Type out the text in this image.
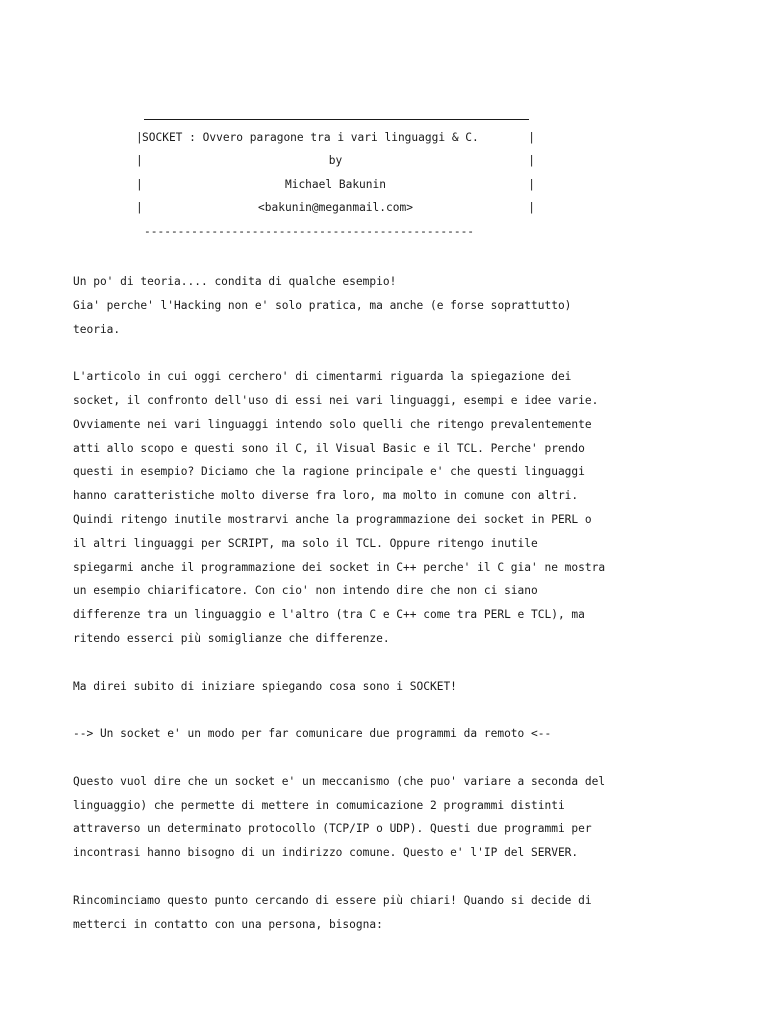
| SOCKET : Ovvero paragone tra i vari linguaggi & C.	|
|	by	|
|	Michael Bakunin	|
|	<bakunin@meganmail.com>	|
-------------------------------------------------
Un po' di teoria.... condita di qualche esempio!
Gia' perche' l'Hacking non e' solo pratica, ma anche (e forse soprattutto)
teoria.
L'articolo in cui oggi cerchero' di cimentarmi riguarda la spiegazione dei
socket, il confronto dell'uso di essi nei vari linguaggi, esempi e idee varie.
Ovviamente nei vari linguaggi intendo solo quelli che ritengo prevalentemente
atti allo scopo e questi sono il C, il Visual Basic e il TCL. Perche' prendo
questi in esempio? Diciamo che la ragione principale e' che questi linguaggi
hanno caratteristiche molto diverse fra loro, ma molto in comune con altri.
Quindi ritengo inutile mostrarvi anche la programmazione dei socket in PERL o
il altri linguaggi per SCRIPT, ma solo il TCL. Oppure ritengo inutile
spiegarmi anche il programmazione dei socket in C++ perche' il C gia' ne mostra
un esempio chiarificatore. Con cio' non intendo dire che non ci siano
differenze tra un linguaggio e l'altro (tra C e C++ come tra PERL e TCL), ma
ritendo esserci più somiglianze che differenze.
Ma direi subito di iniziare spiegando cosa sono i SOCKET!
--> Un socket e' un modo per far comunicare due programmi da remoto <--
Questo vuol dire che un socket e' un meccanismo (che puo' variare a seconda del
linguaggio) che permette di mettere in comumicazione 2 programmi distinti
attraverso un determinato protocollo (TCP/IP o UDP). Questi due programmi per
incontrasi hanno bisogno di un indirizzo comune. Questo e' l'IP del SERVER.
Rincominciamo questo punto cercando di essere più chiari! Quando si decide di
metterci in contatto con una persona, bisogna:
